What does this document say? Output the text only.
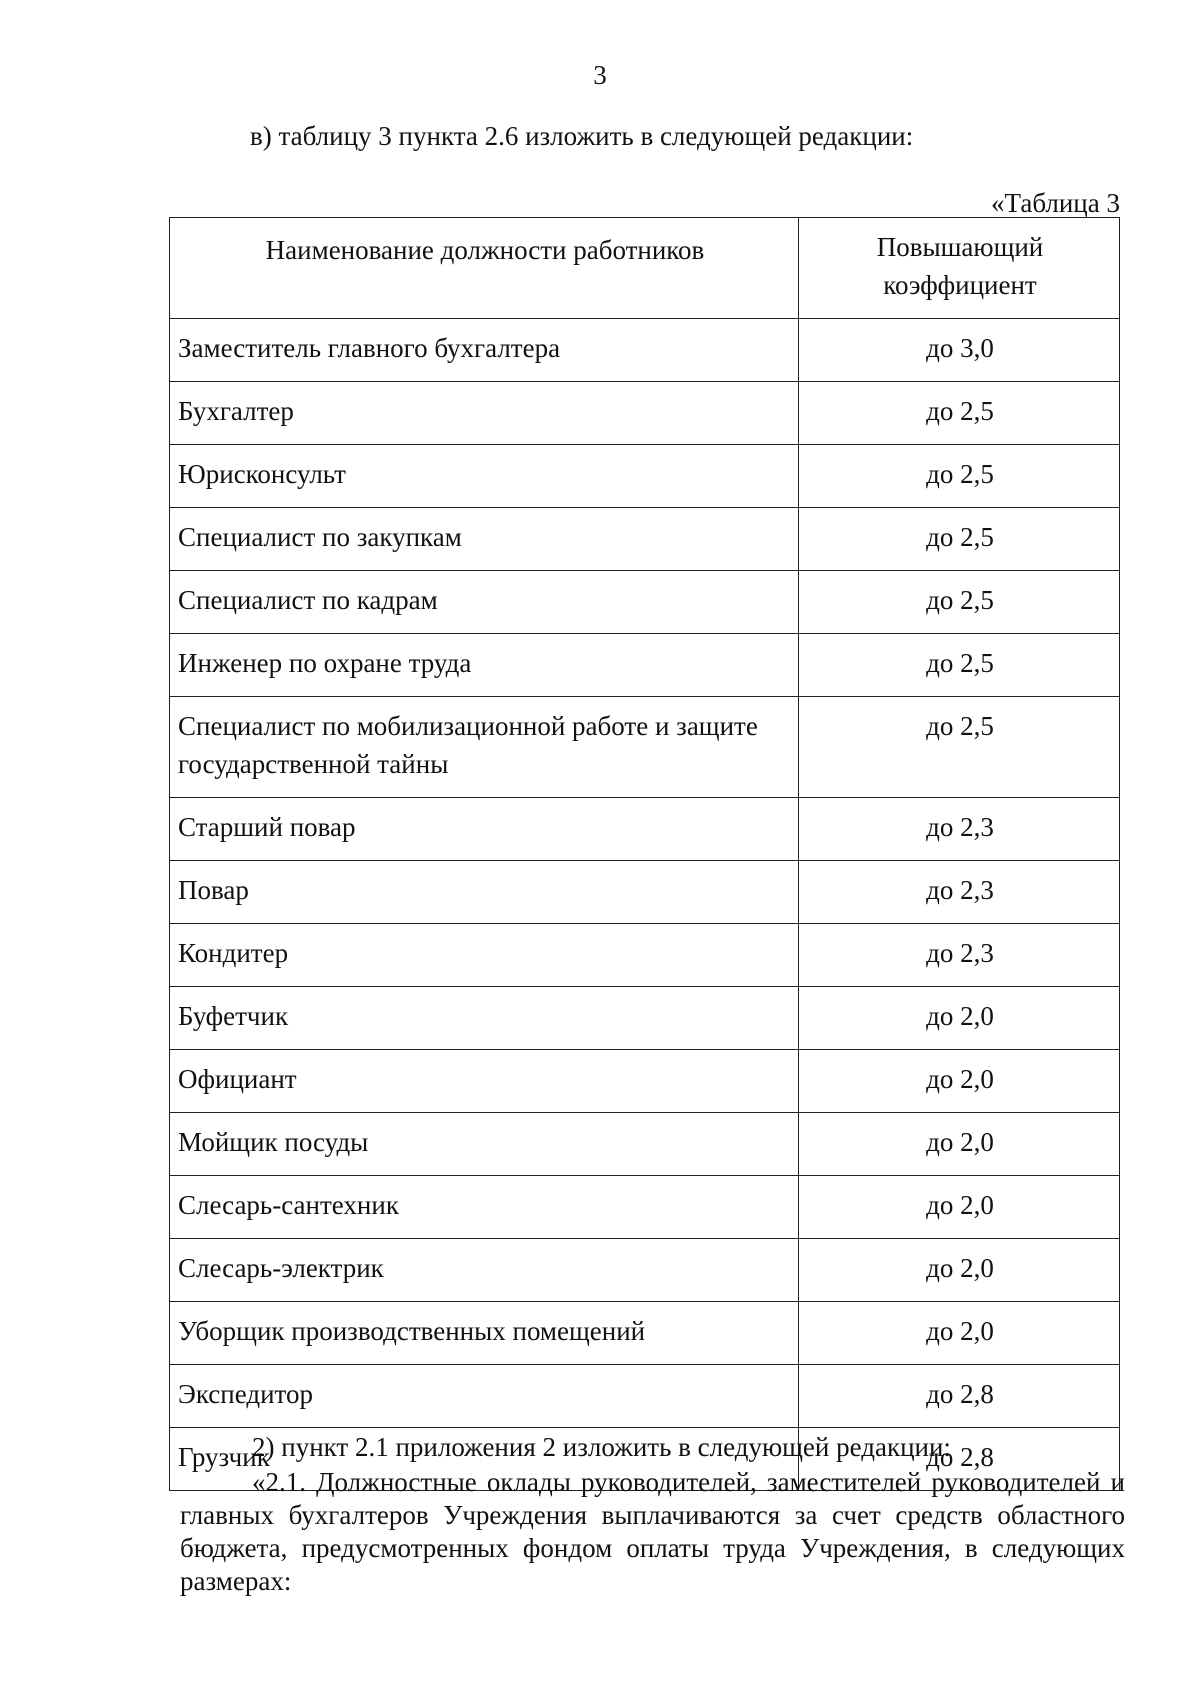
3
в) таблицу 3 пункта 2.6 изложить в следующей редакции:
«Таблица 3
Наименование должности работников	Повышающий коэффициент
Заместитель главного бухгалтера	до 3,0
Бухгалтер	до 2,5
Юрисконсульт	до 2,5
Специалист по закупкам	до 2,5
Специалист по кадрам	до 2,5
Инженер по охране труда	до 2,5
Специалист по мобилизационной работе и защите государственной тайны	до 2,5
Старший повар	до 2,3
Повар	до 2,3
Кондитер	до 2,3
Буфетчик	до 2,0
Официант	до 2,0
Мойщик посуды	до 2,0
Слесарь-сантехник	до 2,0
Слесарь-электрик	до 2,0
Уборщик производственных помещений	до 2,0
Экспедитор	до 2,8
Грузчик	до 2,8
2) пункт 2.1 приложения 2 изложить в следующей редакции:
«2.1. Должностные оклады руководителей, заместителей руководителей и главных бухгалтеров Учреждения выплачиваются за счет средств областного бюджета, предусмотренных фондом оплаты труда Учреждения, в следующих размерах:
